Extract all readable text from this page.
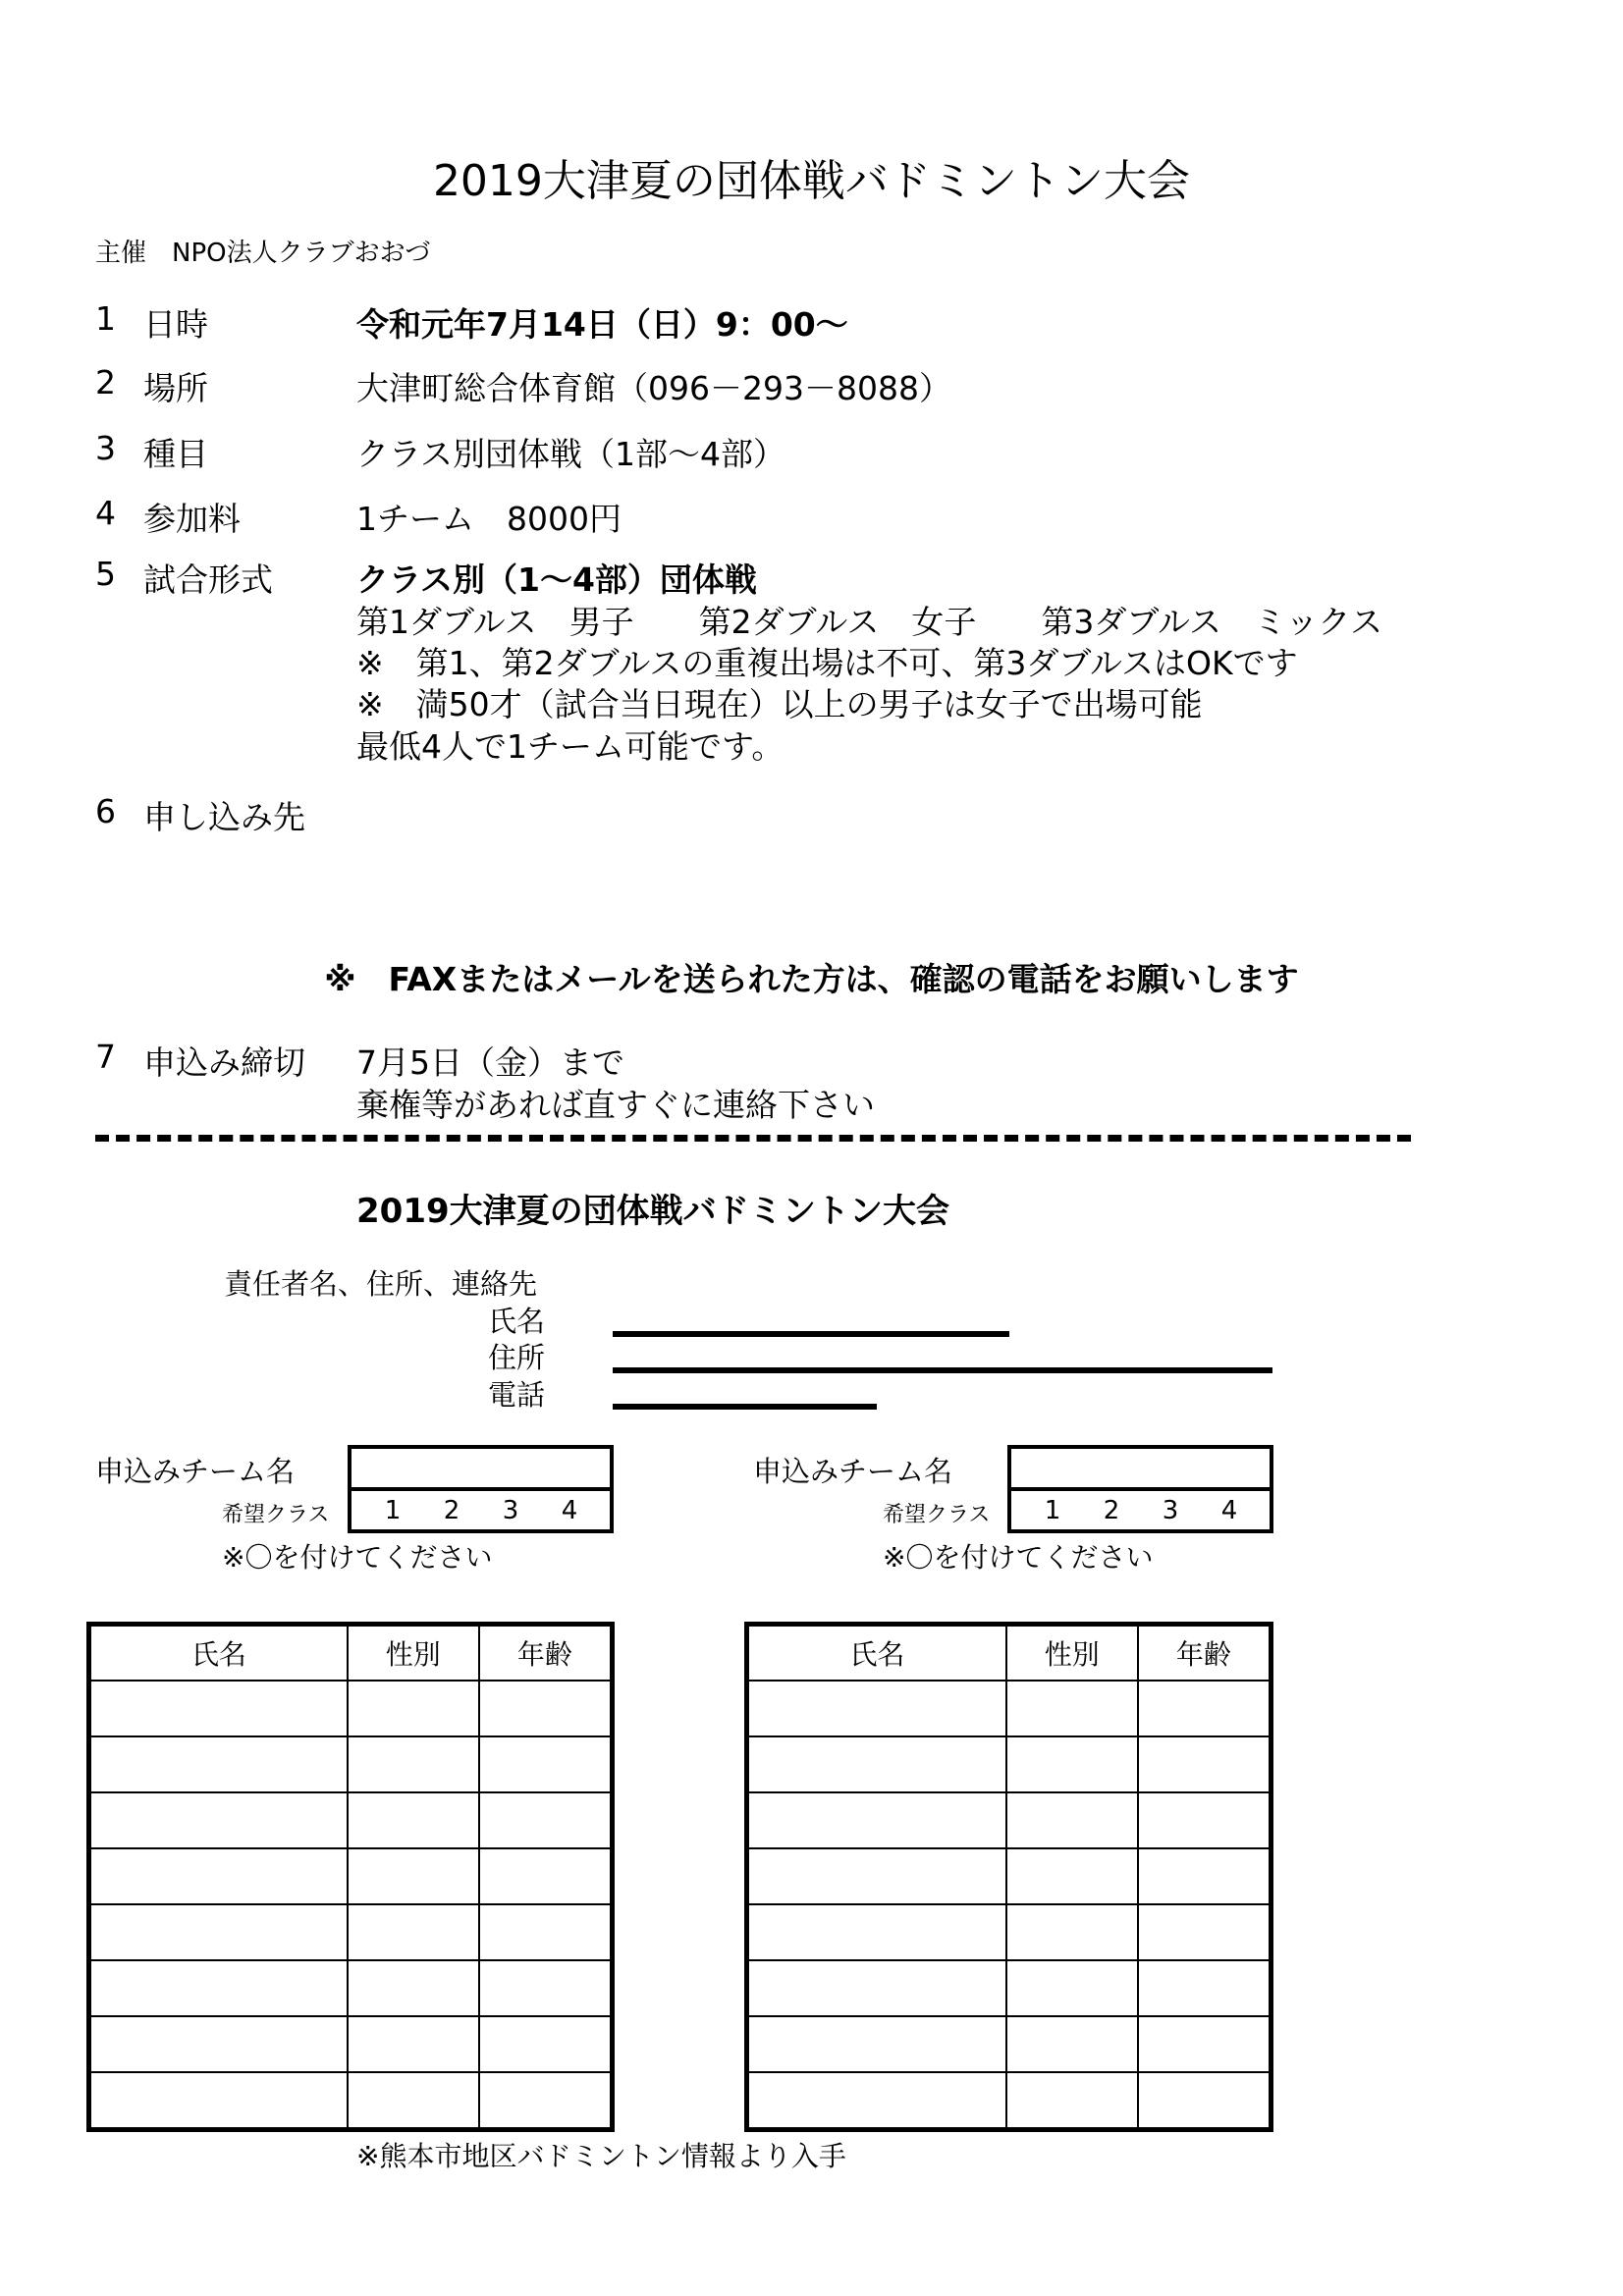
2019大津夏の団体戦バドミントン大会
主催　NPO法人クラブおおづ
1 日時	令和元年7月14日（日）9：00～
2 場所	大津町総合体育館（096－293－8088）
3 種目	クラス別団体戦（1部～4部）
4 参加料	1チーム　8000円
5 試合形式	クラス別（1～4部）団体戦
第1ダブルス　男子　　第2ダブルス　女子　　第3ダブルス　ミックス
※　第1、第2ダブルスの重複出場は不可、第3ダブルスはOKです
※　満50才（試合当日現在）以上の男子は女子で出場可能
最低4人で1チーム可能です。
6 申し込み先
※　FAXまたはメールを送られた方は、確認の電話をお願いします
7 申込み締切 7月5日（金）まで
棄権等があれば直すぐに連絡下さい
2019大津夏の団体戦バドミントン大会
責任者名、住所、連絡先
氏名
住所
電話
申込みチーム名
希望クラス	1	2	3	4
※〇を付けてください
申込みチーム名
希望クラス	1	2	3	4
※〇を付けてください
氏名	性別	年齢

			氏名	性別	年齢

※熊本市地区バドミントン情報より入手
